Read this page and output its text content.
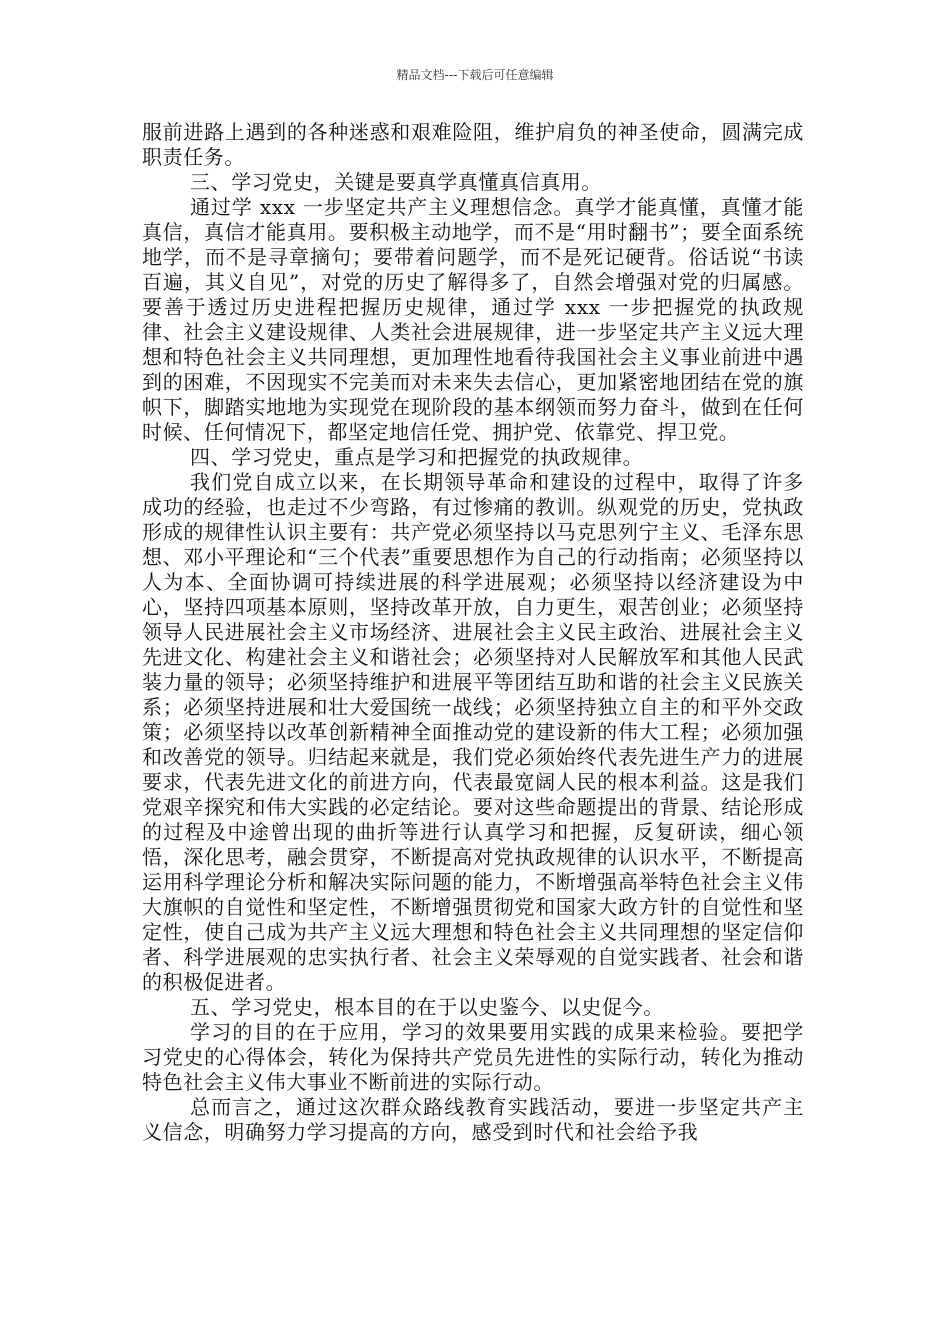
精品文档---下载后可任意编辑

服前进路上遇到的各种迷惑和艰难险阻，维护肩负的神圣使命，圆满完成职责任务。

三、学习党史，关键是要真学真懂真信真用。

通过学 xxx 一步坚定共产主义理想信念。真学才能真懂，真懂才能真信，真信才能真用。要积极主动地学，而不是“用时翻书”；要全面系统地学，而不是寻章摘句；要带着问题学，而不是死记硬背。俗话说“书读百遍，其义自见”，对党的历史了解得多了，自然会增强对党的归属感。要善于透过历史进程把握历史规律，通过学 xxx 一步把握党的执政规律、社会主义建设规律、人类社会进展规律，进一步坚定共产主义远大理想和特色社会主义共同理想，更加理性地看待我国社会主义事业前进中遇到的困难，不因现实不完美而对未来失去信心，更加紧密地团结在党的旗帜下，脚踏实地地为实现党在现阶段的基本纲领而努力奋斗，做到在任何时候、任何情况下，都坚定地信任党、拥护党、依靠党、捍卫党。

四、学习党史，重点是学习和把握党的执政规律。

我们党自成立以来，在长期领导革命和建设的过程中，取得了许多成功的经验，也走过不少弯路，有过惨痛的教训。纵观党的历史，党执政形成的规律性认识主要有：共产党必须坚持以马克思列宁主义、毛泽东思想、邓小平理论和“三个代表”重要思想作为自己的行动指南；必须坚持以人为本、全面协调可持续进展的科学进展观；必须坚持以经济建设为中心，坚持四项基本原则，坚持改革开放，自力更生，艰苦创业；必须坚持领导人民进展社会主义市场经济、进展社会主义民主政治、进展社会主义先进文化、构建社会主义和谐社会；必须坚持对人民解放军和其他人民武装力量的领导；必须坚持维护和进展平等团结互助和谐的社会主义民族关系；必须坚持进展和壮大爱国统一战线；必须坚持独立自主的和平外交政策；必须坚持以改革创新精神全面推动党的建设新的伟大工程；必须加强和改善党的领导。归结起来就是，我们党必须始终代表先进生产力的进展要求，代表先进文化的前进方向，代表最宽阔人民的根本利益。这是我们党艰辛探究和伟大实践的必定结论。要对这些命题提出的背景、结论形成的过程及中途曾出现的曲折等进行认真学习和把握，反复研读，细心领悟，深化思考，融会贯穿，不断提高对党执政规律的认识水平，不断提高运用科学理论分析和解决实际问题的能力，不断增强高举特色社会主义伟大旗帜的自觉性和坚定性，不断增强贯彻党和国家大政方针的自觉性和坚定性，使自己成为共产主义远大理想和特色社会主义共同理想的坚定信仰者、科学进展观的忠实执行者、社会主义荣辱观的自觉实践者、社会和谐的积极促进者。

五、学习党史，根本目的在于以史鉴今、以史促今。

学习的目的在于应用，学习的效果要用实践的成果来检验。要把学习党史的心得体会，转化为保持共产党员先进性的实际行动，转化为推动特色社会主义伟大事业不断前进的实际行动。

总而言之，通过这次群众路线教育实践活动，要进一步坚定共产主义信念，明确努力学习提高的方向，感受到时代和社会给予我
